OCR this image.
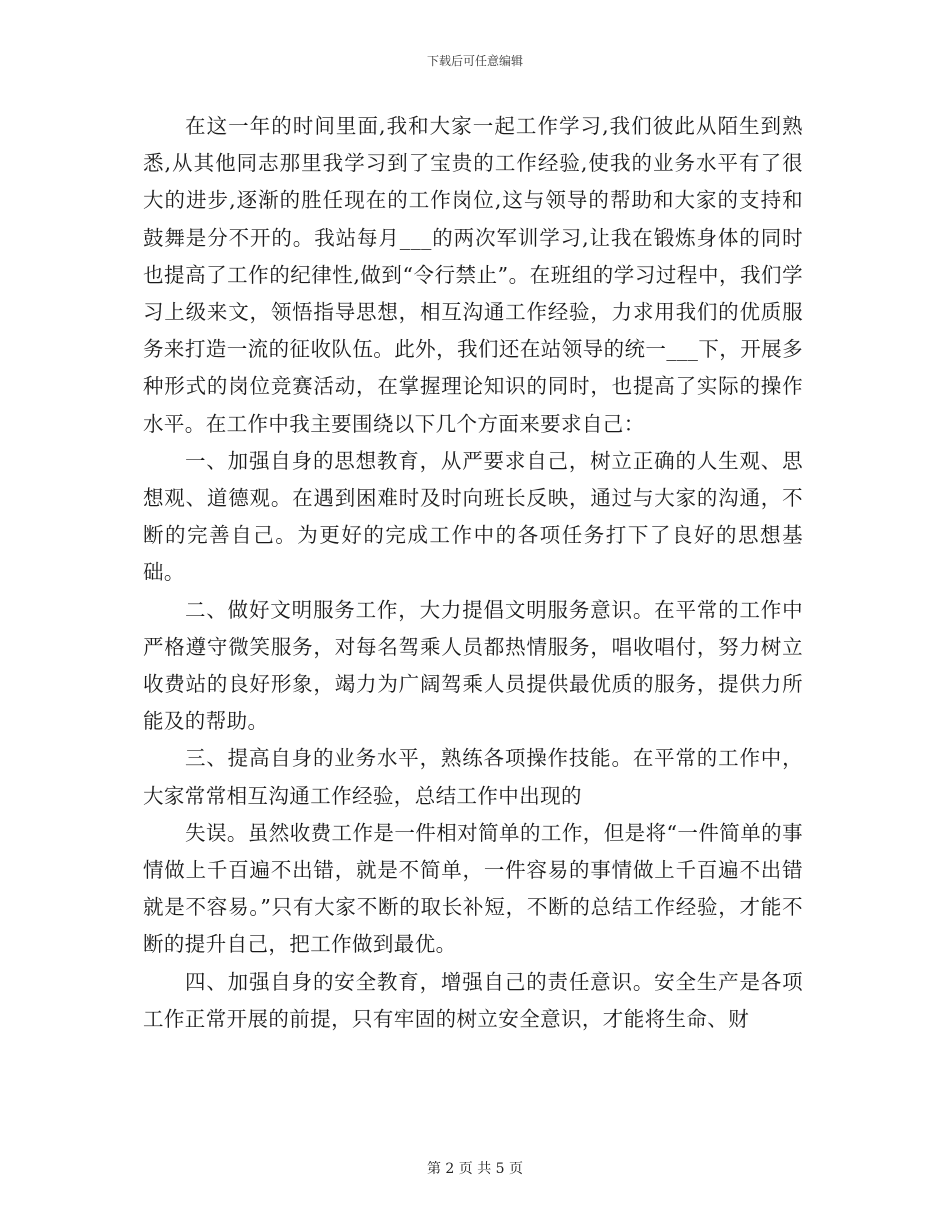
下载后可任意编辑

在这一年的时间里面,我和大家一起工作学习,我们彼此从陌生到熟悉,从其他同志那里我学习到了宝贵的工作经验,使我的业务水平有了很大的进步,逐渐的胜任现在的工作岗位,这与领导的帮助和大家的支持和鼓舞是分不开的。我站每月___的两次军训学习,让我在锻炼身体的同时也提高了工作的纪律性,做到“令行禁止”。在班组的学习过程中，我们学习上级来文，领悟指导思想，相互沟通工作经验，力求用我们的优质服务来打造一流的征收队伍。此外，我们还在站领导的统一___下，开展多种形式的岗位竞赛活动，在掌握理论知识的同时，也提高了实际的操作水平。在工作中我主要围绕以下几个方面来要求自己：

一、加强自身的思想教育，从严要求自己，树立正确的人生观、思想观、道德观。在遇到困难时及时向班长反映，通过与大家的沟通，不断的完善自己。为更好的完成工作中的各项任务打下了良好的思想基础。

二、做好文明服务工作，大力提倡文明服务意识。在平常的工作中严格遵守微笑服务，对每名驾乘人员都热情服务，唱收唱付，努力树立收费站的良好形象，竭力为广阔驾乘人员提供最优质的服务，提供力所能及的帮助。

三、提高自身的业务水平，熟练各项操作技能。在平常的工作中，大家常常相互沟通工作经验，总结工作中出现的

失误。虽然收费工作是一件相对简单的工作，但是将“一件简单的事情做上千百遍不出错，就是不简单，一件容易的事情做上千百遍不出错就是不容易。”只有大家不断的取长补短，不断的总结工作经验，才能不断的提升自己，把工作做到最优。

四、加强自身的安全教育，增强自己的责任意识。安全生产是各项工作正常开展的前提，只有牢固的树立安全意识，才能将生命、财

第 2 页 共 5 页
